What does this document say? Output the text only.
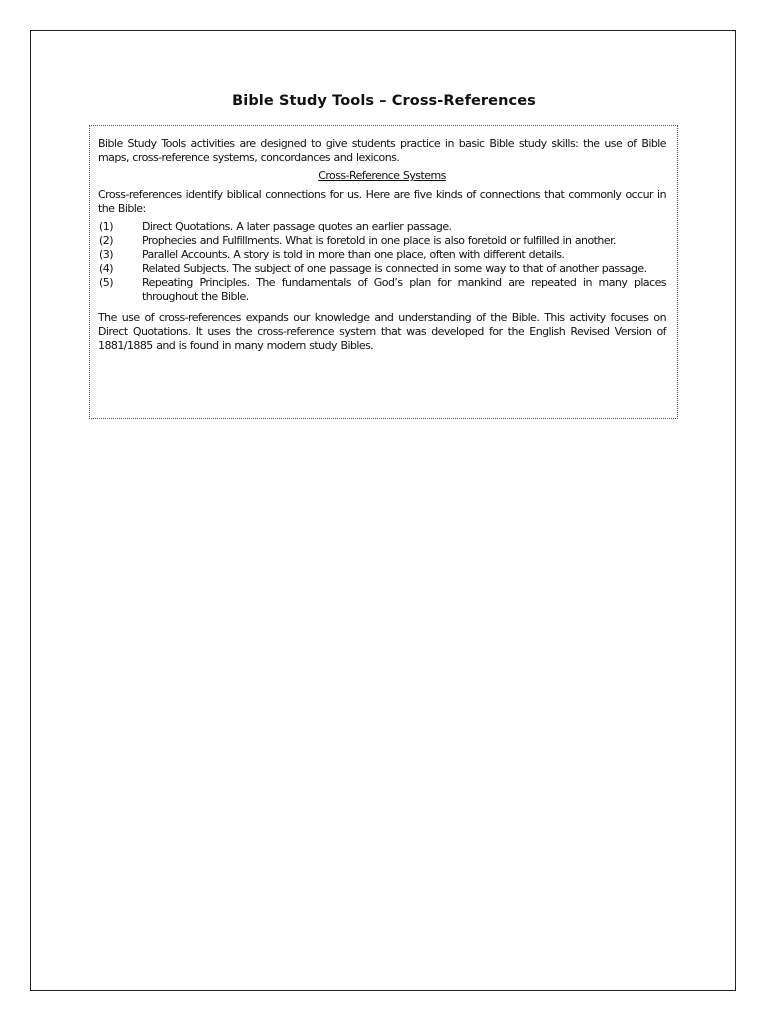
Bible Study Tools – Cross-References

Bible Study Tools activities are designed to give students practice in basic Bible study skills: the use of Bible maps, cross-reference systems, concordances and lexicons.

Cross-Reference Systems

Cross-references identify biblical connections for us. Here are five kinds of connections that commonly occur in the Bible:

(1)	Direct Quotations. A later passage quotes an earlier passage.
(2)	Prophecies and Fulfillments. What is foretold in one place is also foretold or fulfilled in another.
(3)	Parallel Accounts. A story is told in more than one place, often with different details.
(4)	Related Subjects. The subject of one passage is connected in some way to that of another passage.
(5)	Repeating Principles. The fundamentals of God’s plan for mankind are repeated in many places throughout the Bible.

The use of cross-references expands our knowledge and understanding of the Bible. This activity focuses on Direct Quotations. It uses the cross-reference system that was developed for the English Revised Version of 1881/1885 and is found in many modern study Bibles.
